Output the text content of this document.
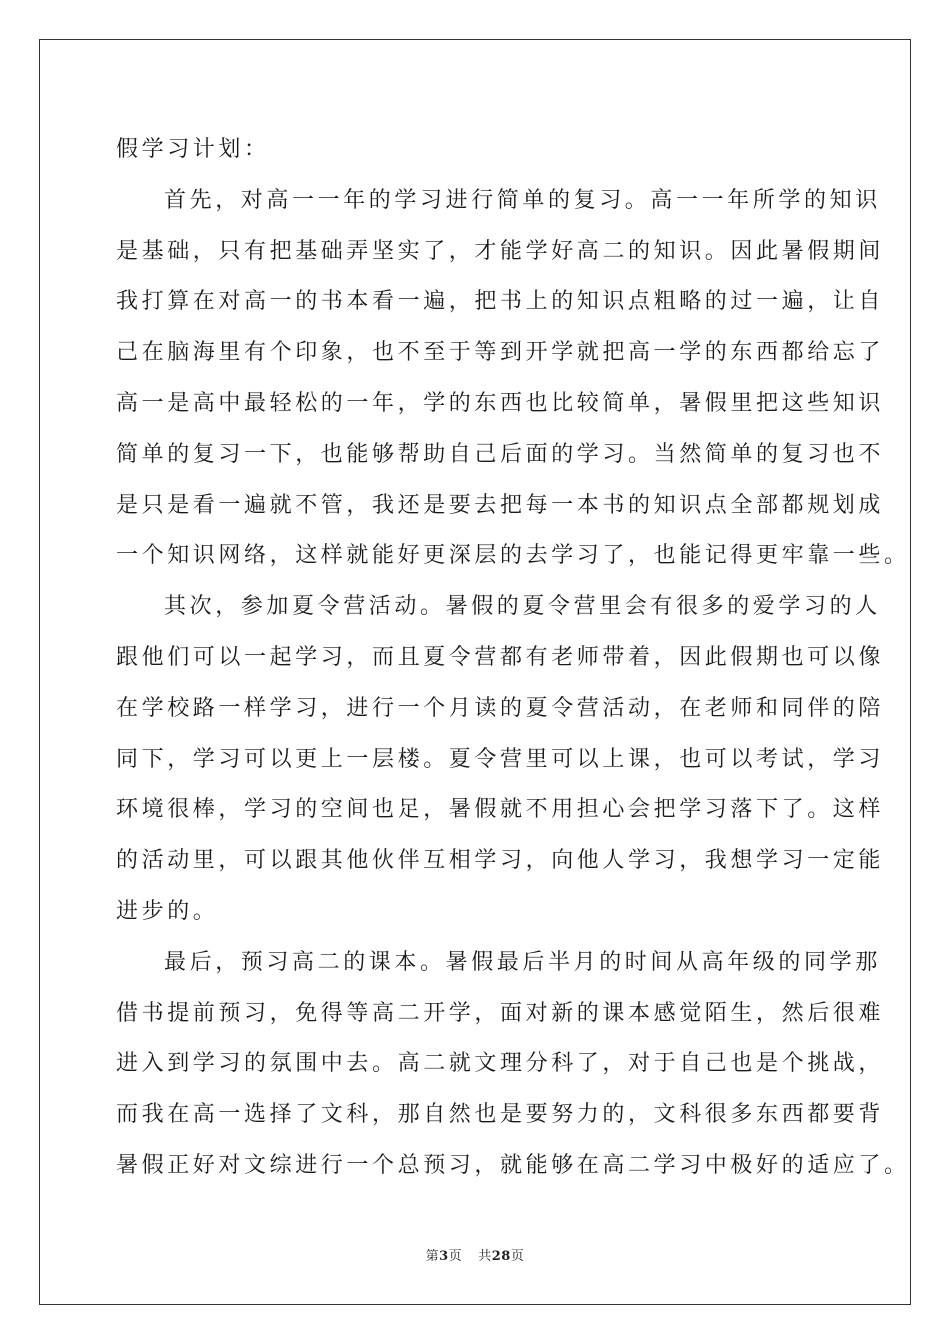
假学习计划：
首先，对高一一年的学习进行简单的复习。高一一年所学的知识
是基础，只有把基础弄坚实了，才能学好高二的知识。因此暑假期间
我打算在对高一的书本看一遍，把书上的知识点粗略的过一遍，让自
己在脑海里有个印象，也不至于等到开学就把高一学的东西都给忘了
高一是高中最轻松的一年，学的东西也比较简单，暑假里把这些知识
简单的复习一下，也能够帮助自己后面的学习。当然简单的复习也不
是只是看一遍就不管，我还是要去把每一本书的知识点全部都规划成
一个知识网络，这样就能好更深层的去学习了，也能记得更牢靠一些。
其次，参加夏令营活动。暑假的夏令营里会有很多的爱学习的人
跟他们可以一起学习，而且夏令营都有老师带着，因此假期也可以像
在学校路一样学习，进行一个月读的夏令营活动，在老师和同伴的陪
同下，学习可以更上一层楼。夏令营里可以上课，也可以考试，学习
环境很棒，学习的空间也足，暑假就不用担心会把学习落下了。这样
的活动里，可以跟其他伙伴互相学习，向他人学习，我想学习一定能
进步的。
最后，预习高二的课本。暑假最后半月的时间从高年级的同学那
借书提前预习，免得等高二开学，面对新的课本感觉陌生，然后很难
进入到学习的氛围中去。高二就文理分科了，对于自己也是个挑战，
而我在高一选择了文科，那自然也是要努力的，文科很多东西都要背
暑假正好对文综进行一个总预习，就能够在高二学习中极好的适应了。
第3页 共28页
